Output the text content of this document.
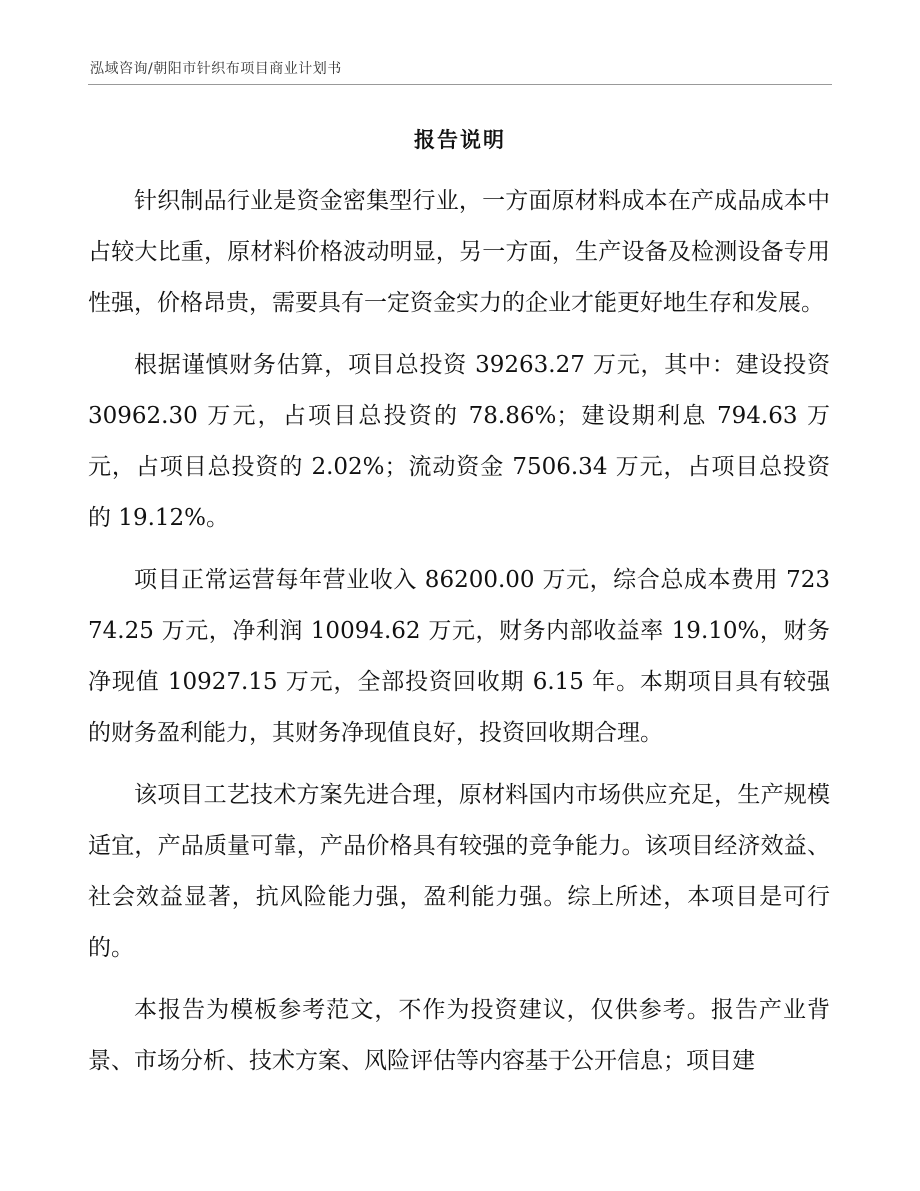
泓域咨询/朝阳市针织布项目商业计划书
报告说明

针织制品行业是资金密集型行业，一方面原材料成本在产成品成本中占较大比重，原材料价格波动明显，另一方面，生产设备及检测设备专用性强，价格昂贵，需要具有一定资金实力的企业才能更好地生存和发展。

根据谨慎财务估算，项目总投资 39263.27 万元，其中：建设投资 30962.30 万元，占项目总投资的 78.86%；建设期利息 794.63 万元，占项目总投资的 2.02%；流动资金 7506.34 万元，占项目总投资的 19.12%。

项目正常运营每年营业收入 86200.00 万元，综合总成本费用 72374.25 万元，净利润 10094.62 万元，财务内部收益率 19.10%，财务净现值 10927.15 万元，全部投资回收期 6.15 年。本期项目具有较强的财务盈利能力，其财务净现值良好，投资回收期合理。

该项目工艺技术方案先进合理，原材料国内市场供应充足，生产规模适宜，产品质量可靠，产品价格具有较强的竞争能力。该项目经济效益、社会效益显著，抗风险能力强，盈利能力强。综上所述，本项目是可行的。

本报告为模板参考范文，不作为投资建议，仅供参考。报告产业背景、市场分析、技术方案、风险评估等内容基于公开信息；项目建
